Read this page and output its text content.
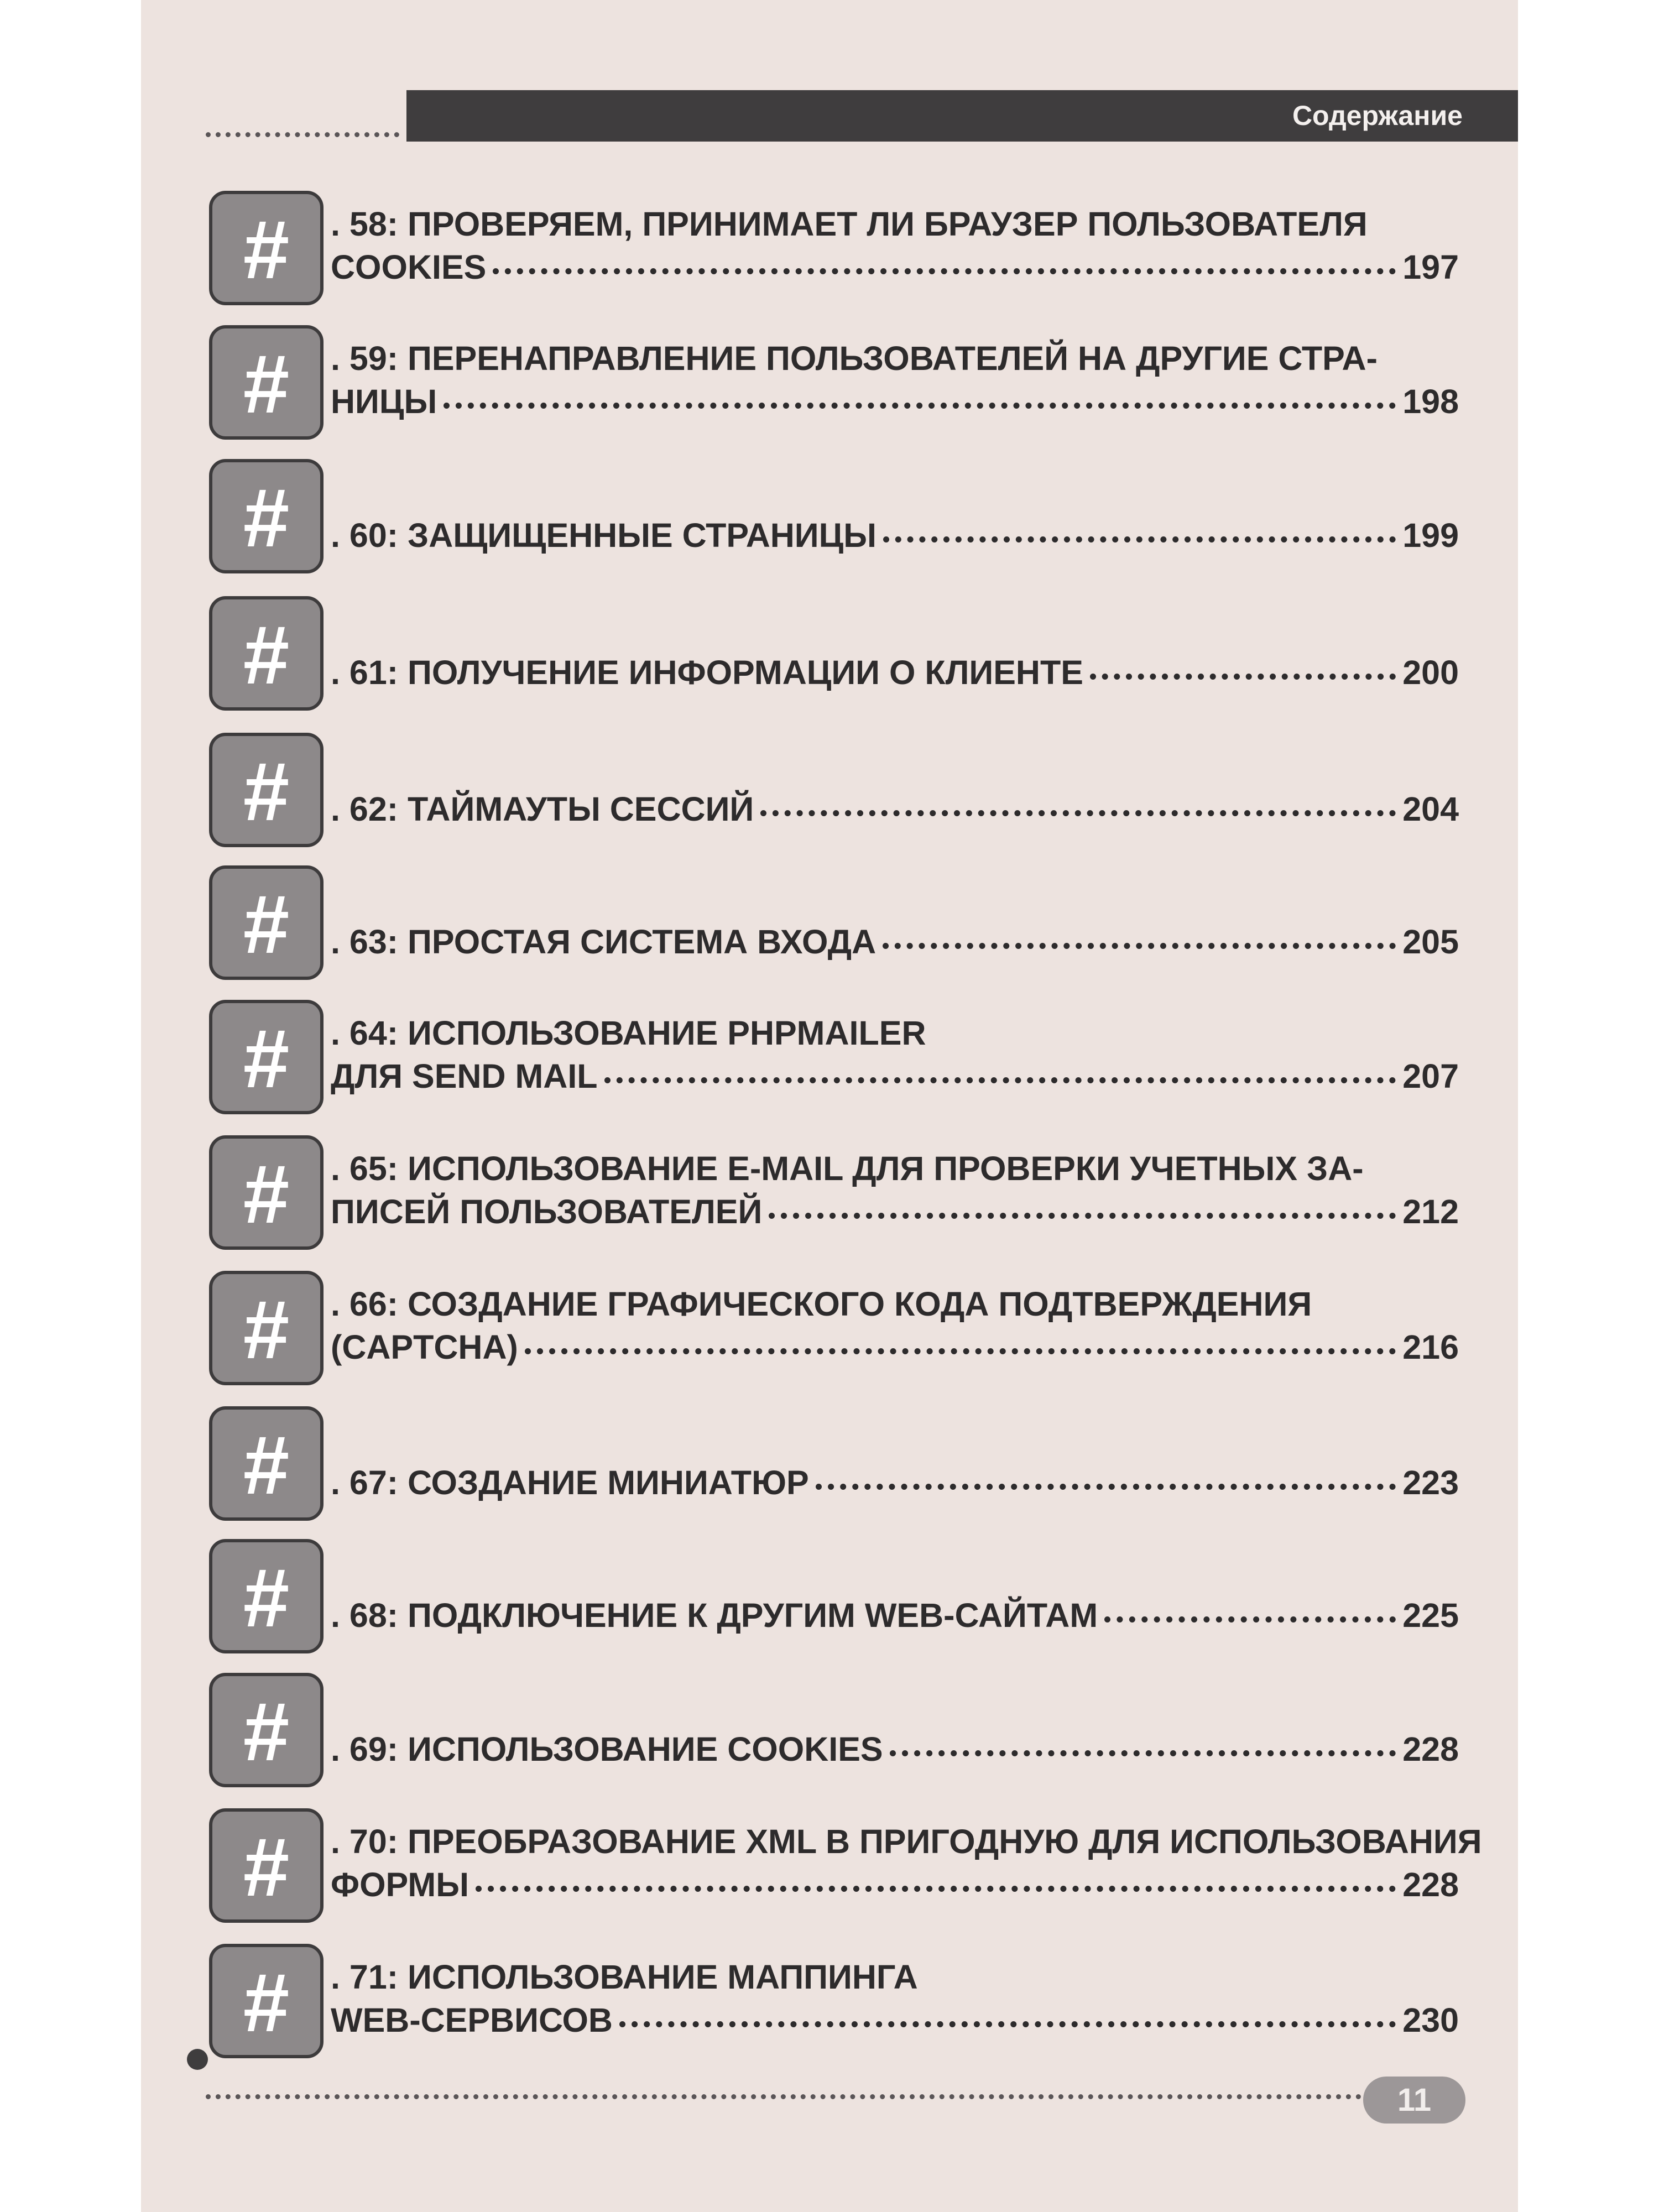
Содержание
#	. 58: ПРОВЕРЯЕМ, ПРИНИМАЕТ ЛИ БРАУЗЕР ПОЛЬЗОВАТЕЛЯ
COOKIES	197
#	. 59: ПЕРЕНАПРАВЛЕНИЕ ПОЛЬЗОВАТЕЛЕЙ НА ДРУГИЕ СТРА-
НИЦЫ	198
#	. 60: ЗАЩИЩЕННЫЕ СТРАНИЦЫ	199
#	. 61: ПОЛУЧЕНИЕ ИНФОРМАЦИИ О КЛИЕНТЕ	200
#	. 62: ТАЙМАУТЫ СЕССИЙ	204
#	. 63: ПРОСТАЯ СИСТЕМА ВХОДА	205
#	. 64: ИСПОЛЬЗОВАНИЕ PHPMAILER
ДЛЯ SEND MAIL	207
#	. 65: ИСПОЛЬЗОВАНИЕ E-MAIL ДЛЯ ПРОВЕРКИ УЧЕТНЫХ ЗА-
ПИСЕЙ ПОЛЬЗОВАТЕЛЕЙ	212
#	. 66: СОЗДАНИЕ ГРАФИЧЕСКОГО КОДА ПОДТВЕРЖДЕНИЯ
(CAPTCHA)	216
#	. 67: СОЗДАНИЕ МИНИАТЮР	223
#	. 68: ПОДКЛЮЧЕНИЕ К ДРУГИМ WEB-САЙТАМ	225
#	. 69: ИСПОЛЬЗОВАНИЕ COOKIES	228
#	. 70: ПРЕОБРАЗОВАНИЕ XML В ПРИГОДНУЮ ДЛЯ ИСПОЛЬЗОВАНИЯ
ФОРМЫ	228
#	. 71: ИСПОЛЬЗОВАНИЕ МАППИНГА
WEB-СЕРВИСОВ	230
11
